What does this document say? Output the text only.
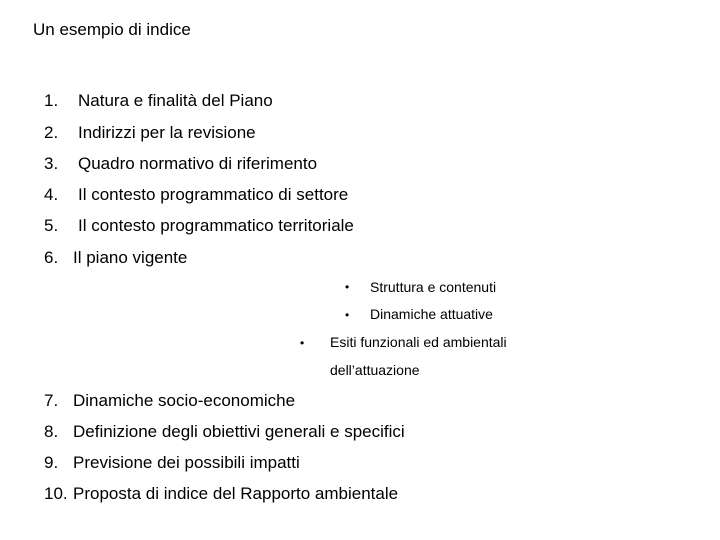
Un esempio di indice
1. Natura e finalità del Piano
2. Indirizzi per la revisione
3. Quadro normativo di riferimento
4. Il contesto programmatico di settore
5. Il contesto programmatico territoriale
6. Il piano vigente
• Struttura e contenuti
• Dinamiche attuative
• Esiti funzionali ed ambientali
dell’attuazione
7. Dinamiche socio-economiche
8. Definizione degli obiettivi generali e specifici
9. Previsione dei possibili impatti
10. Proposta di indice del Rapporto ambientale
